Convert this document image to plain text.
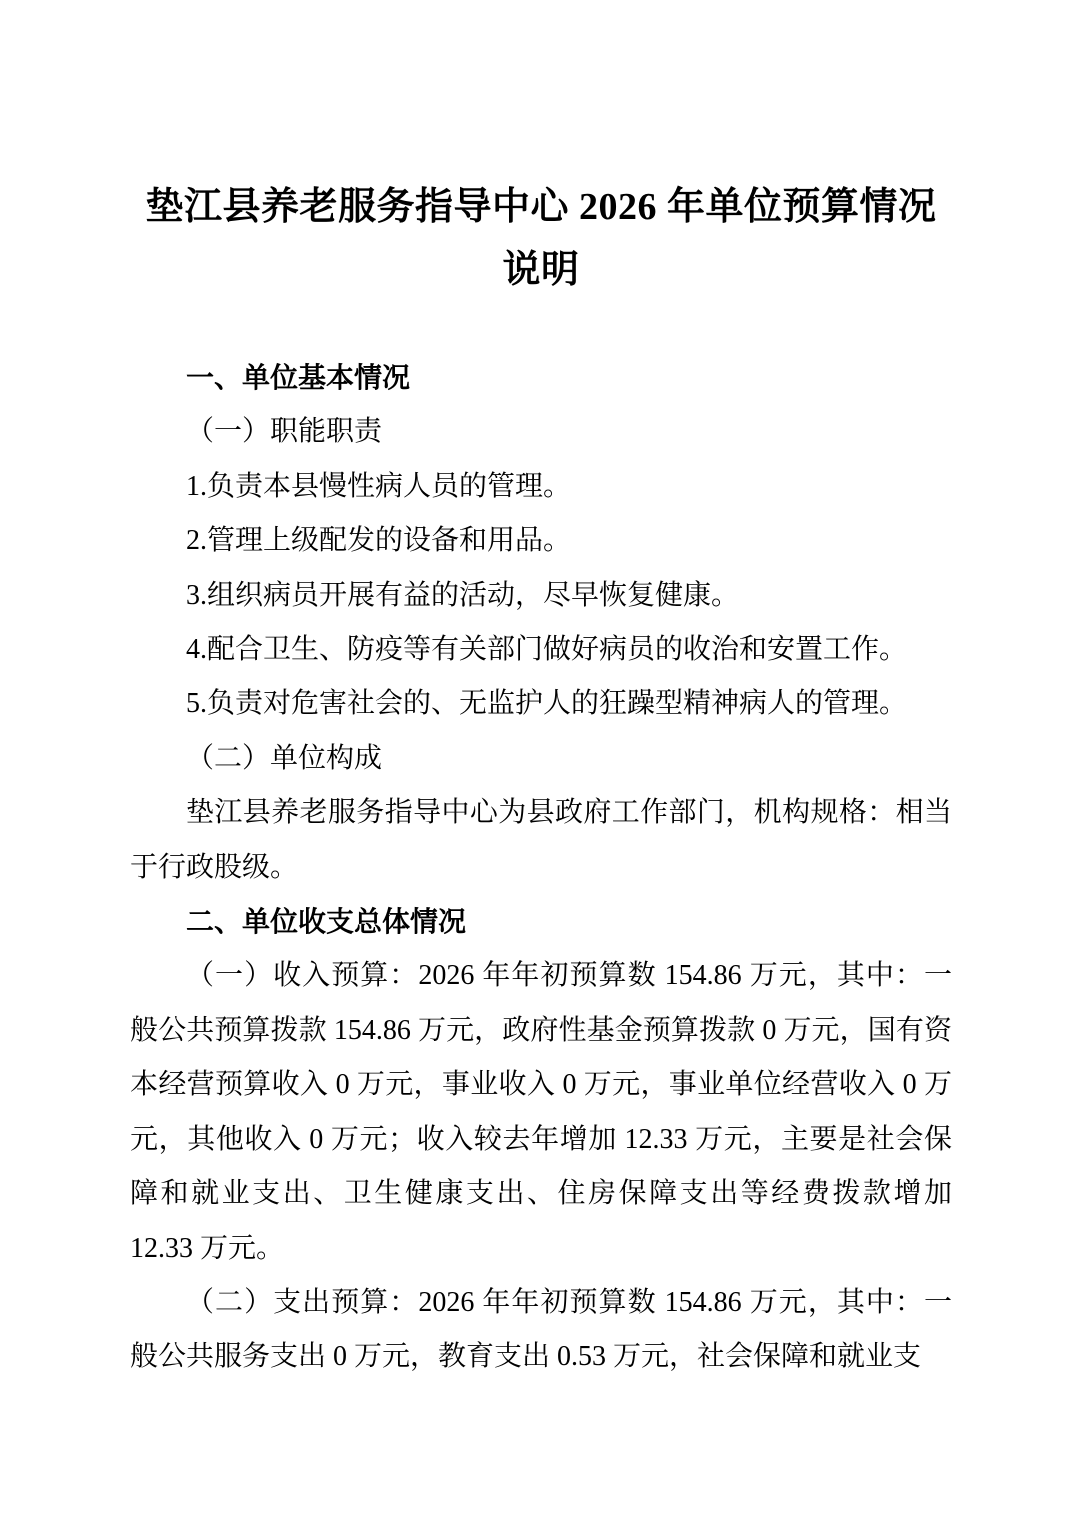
垫江县养老服务指导中心 2026 年单位预算情况
说明

一、单位基本情况

（一）职能职责

1.负责本县慢性病人员的管理。

2.管理上级配发的设备和用品。

3.组织病员开展有益的活动，尽早恢复健康。

4.配合卫生、防疫等有关部门做好病员的收治和安置工作。

5.负责对危害社会的、无监护人的狂躁型精神病人的管理。

（二）单位构成

垫江县养老服务指导中心为县政府工作部门，机构规格：相当于行政股级。

二、单位收支总体情况

（一）收入预算：2026 年年初预算数 154.86 万元，其中：一般公共预算拨款 154.86 万元，政府性基金预算拨款 0 万元，国有资本经营预算收入 0 万元，事业收入 0 万元，事业单位经营收入 0 万元，其他收入 0 万元；收入较去年增加 12.33 万元，主要是社会保障和就业支出、卫生健康支出、住房保障支出等经费拨款增加 12.33 万元。

（二）支出预算：2026 年年初预算数 154.86 万元，其中：一般公共服务支出 0 万元，教育支出 0.53 万元，社会保障和就业支
